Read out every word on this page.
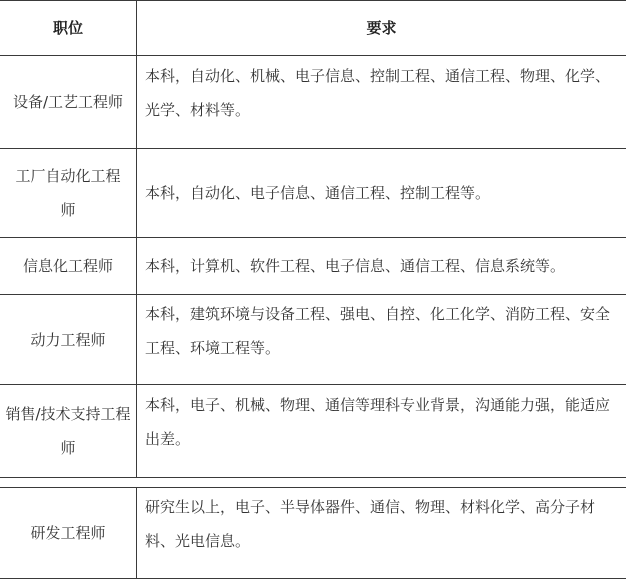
职位	要求
设备/工艺工程师
本科，自动化、机械、电子信息、控制工程、通信工程、物理、化学、光学、材料等。
工厂自动化工程师
本科，自动化、电子信息、通信工程、控制工程等。
信息化工程师 本科，计算机、软件工程、电子信息、通信工程、信息系统等。
动力工程师
本科，建筑环境与设备工程、强电、自控、化工化学、消防工程、安全工程、环境工程等。
销售/技术支持工程师
本科，电子、机械、物理、通信等理科专业背景，沟通能力强，能适应出差。
研发工程师
研究生以上，电子、半导体器件、通信、物理、材料化学、高分子材料、光电信息。
